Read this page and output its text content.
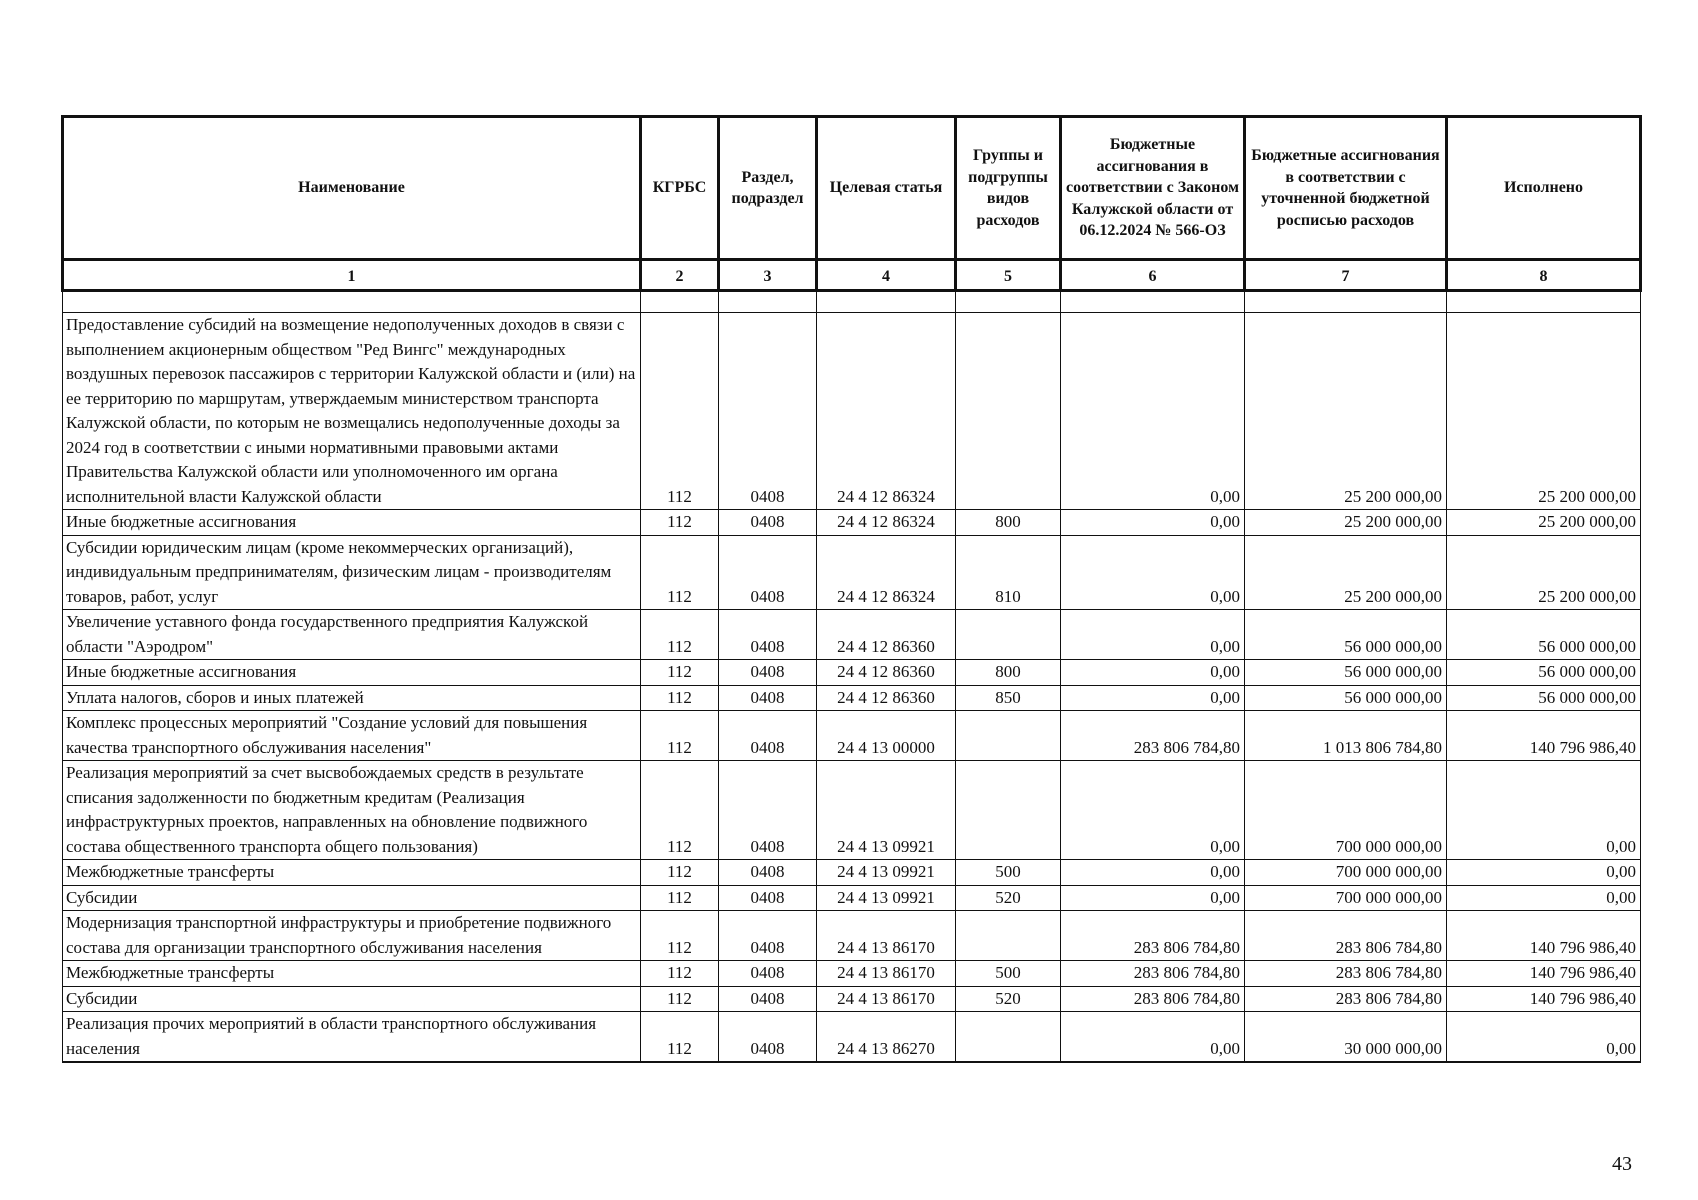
Наименование	КГРБС	Раздел, подраздел	Целевая статья	Группы и подгруппы видов расходов	Бюджетные ассигнования в соответствии с Законом Калужской области от 06.12.2024 № 566-ОЗ	Бюджетные ассигнования в соответствии с уточненной бюджетной росписью расходов	Исполнено
1	2	3	4	5	6	7	8

Предоставление субсидий на возмещение недополученных доходов в связи с выполнением акционерным обществом "Ред Вингс" международных воздушных перевозок пассажиров с территории Калужской области и (или) на ее территорию по маршрутам, утверждаемым министерством транспорта Калужской области, по которым не возмещались недополученные доходы за 2024 год в соответствии с иными нормативными правовыми актами Правительства Калужской области или уполномоченного им органа исполнительной власти Калужской области	112	0408	24 4 12 86324		0,00	25 200 000,00	25 200 000,00
Иные бюджетные ассигнования	112	0408	24 4 12 86324	800	0,00	25 200 000,00	25 200 000,00
Субсидии юридическим лицам (кроме некоммерческих организаций), индивидуальным предпринимателям, физическим лицам - производителям товаров, работ, услуг	112	0408	24 4 12 86324	810	0,00	25 200 000,00	25 200 000,00
Увеличение уставного фонда государственного предприятия Калужской области "Аэродром"	112	0408	24 4 12 86360		0,00	56 000 000,00	56 000 000,00
Иные бюджетные ассигнования	112	0408	24 4 12 86360	800	0,00	56 000 000,00	56 000 000,00
Уплата налогов, сборов и иных платежей	112	0408	24 4 12 86360	850	0,00	56 000 000,00	56 000 000,00
Комплекс процессных мероприятий "Создание условий для повышения качества транспортного обслуживания населения"	112	0408	24 4 13 00000		283 806 784,80	1 013 806 784,80	140 796 986,40
Реализация мероприятий за счет высвобождаемых средств в результате списания задолженности по бюджетным кредитам (Реализация инфраструктурных проектов, направленных на обновление подвижного состава общественного транспорта общего пользования)	112	0408	24 4 13 09921		0,00	700 000 000,00	0,00
Межбюджетные трансферты	112	0408	24 4 13 09921	500	0,00	700 000 000,00	0,00
Субсидии	112	0408	24 4 13 09921	520	0,00	700 000 000,00	0,00
Модернизация транспортной инфраструктуры и приобретение подвижного состава для организации транспортного обслуживания населения	112	0408	24 4 13 86170		283 806 784,80	283 806 784,80	140 796 986,40
Межбюджетные трансферты	112	0408	24 4 13 86170	500	283 806 784,80	283 806 784,80	140 796 986,40
Субсидии	112	0408	24 4 13 86170	520	283 806 784,80	283 806 784,80	140 796 986,40
Реализация прочих мероприятий в области транспортного обслуживания населения	112	0408	24 4 13 86270		0,00	30 000 000,00	0,00
43
